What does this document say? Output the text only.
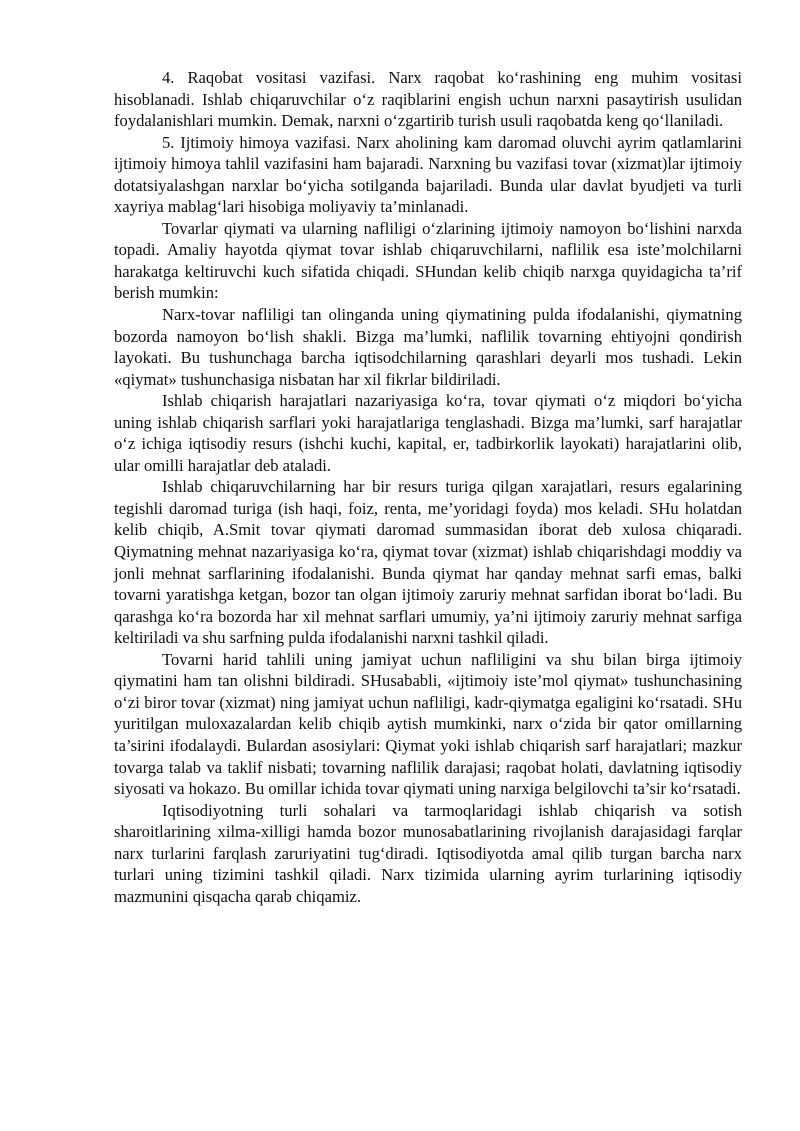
4. Raqobat vositasi vazifasi. Narx raqobat koʻrashining eng muhim vositasi hisoblanadi. Ishlab chiqaruvchilar oʻz raqiblarini engish uchun narxni pasaytirish usulidan foydalanishlari mumkin. Demak, narxni oʻzgartirib turish usuli raqobatda keng qoʻllaniladi.

5. Ijtimoiy himoya vazifasi. Narx aholining kam daromad oluvchi ayrim qatlamlarini ijtimoiy himoya tahlil vazifasini ham bajaradi. Narxning bu vazifasi tovar (xizmat)lar ijtimoiy dotatsiyalashgan narxlar boʻyicha sotilganda bajariladi. Bunda ular davlat byudjeti va turli xayriya mablagʻlari hisobiga moliyaviy ta’minlanadi.

Tovarlar qiymati va ularning nafliligi oʻzlarining ijtimoiy namoyon boʻlishini narxda topadi. Amaliy hayotda qiymat tovar ishlab chiqaruvchilarni, naflilik esa iste’molchilarni harakatga keltiruvchi kuch sifatida chiqadi. SHundan kelib chiqib narxga quyidagicha ta’rif berish mumkin:

Narx-tovar nafliligi tan olinganda uning qiymatining pulda ifodalanishi, qiymatning bozorda namoyon boʻlish shakli. Bizga ma’lumki, naflilik tovarning ehtiyojni qondirish layokati. Bu tushunchaga barcha iqtisodchilarning qarashlari deyarli mos tushadi. Lekin «qiymat» tushunchasiga nisbatan har xil fikrlar bildiriladi.

Ishlab chiqarish harajatlari nazariyasiga koʻra, tovar qiymati oʻz miqdori boʻyicha uning ishlab chiqarish sarflari yoki harajatlariga tenglashadi. Bizga ma’lumki, sarf harajatlar oʻz ichiga iqtisodiy resurs (ishchi kuchi, kapital, er, tadbirkorlik layokati) harajatlarini olib, ular omilli harajatlar deb ataladi.

Ishlab chiqaruvchilarning har bir resurs turiga qilgan xarajatlari, resurs egalarining tegishli daromad turiga (ish haqi, foiz, renta, me’yoridagi foyda) mos keladi. SHu holatdan kelib chiqib, A.Smit tovar qiymati daromad summasidan iborat deb xulosa chiqaradi. Qiymatning mehnat nazariyasiga koʻra, qiymat tovar (xizmat) ishlab chiqarishdagi moddiy va jonli mehnat sarflarining ifodalanishi. Bunda qiymat har qanday mehnat sarfi emas, balki tovarni yaratishga ketgan, bozor tan olgan ijtimoiy zaruriy mehnat sarfidan iborat boʻladi. Bu qarashga koʻra bozorda har xil mehnat sarflari umumiy, ya’ni ijtimoiy zaruriy mehnat sarfiga keltiriladi va shu sarfning pulda ifodalanishi narxni tashkil qiladi.

Tovarni harid tahlili uning jamiyat uchun nafliligini va shu bilan birga ijtimoiy qiymatini ham tan olishni bildiradi. SHusababli, «ijtimoiy iste’mol qiymat» tushunchasining oʻzi biror tovar (xizmat) ning jamiyat uchun nafliligi, kadr-qiymatga egaligini koʻrsatadi. SHu yuritilgan muloxazalardan kelib chiqib aytish mumkinki, narx oʻzida bir qator omillarning ta’sirini ifodalaydi. Bulardan asosiylari: Qiymat yoki ishlab chiqarish sarf harajatlari; mazkur tovarga talab va taklif nisbati; tovarning naflilik darajasi; raqobat holati, davlatning iqtisodiy siyosati va hokazo. Bu omillar ichida tovar qiymati uning narxiga belgilovchi ta’sir koʻrsatadi.

Iqtisodiyotning turli sohalari va tarmoqlaridagi ishlab chiqarish va sotish sharoitlarining xilma-xilligi hamda bozor munosabatlarining rivojlanish darajasidagi farqlar narx turlarini farqlash zaruriyatini tugʻdiradi. Iqtisodiyotda amal qilib turgan barcha narx turlari uning tizimini tashkil qiladi. Narx tizimida ularning ayrim turlarining iqtisodiy mazmunini qisqacha qarab chiqamiz.
